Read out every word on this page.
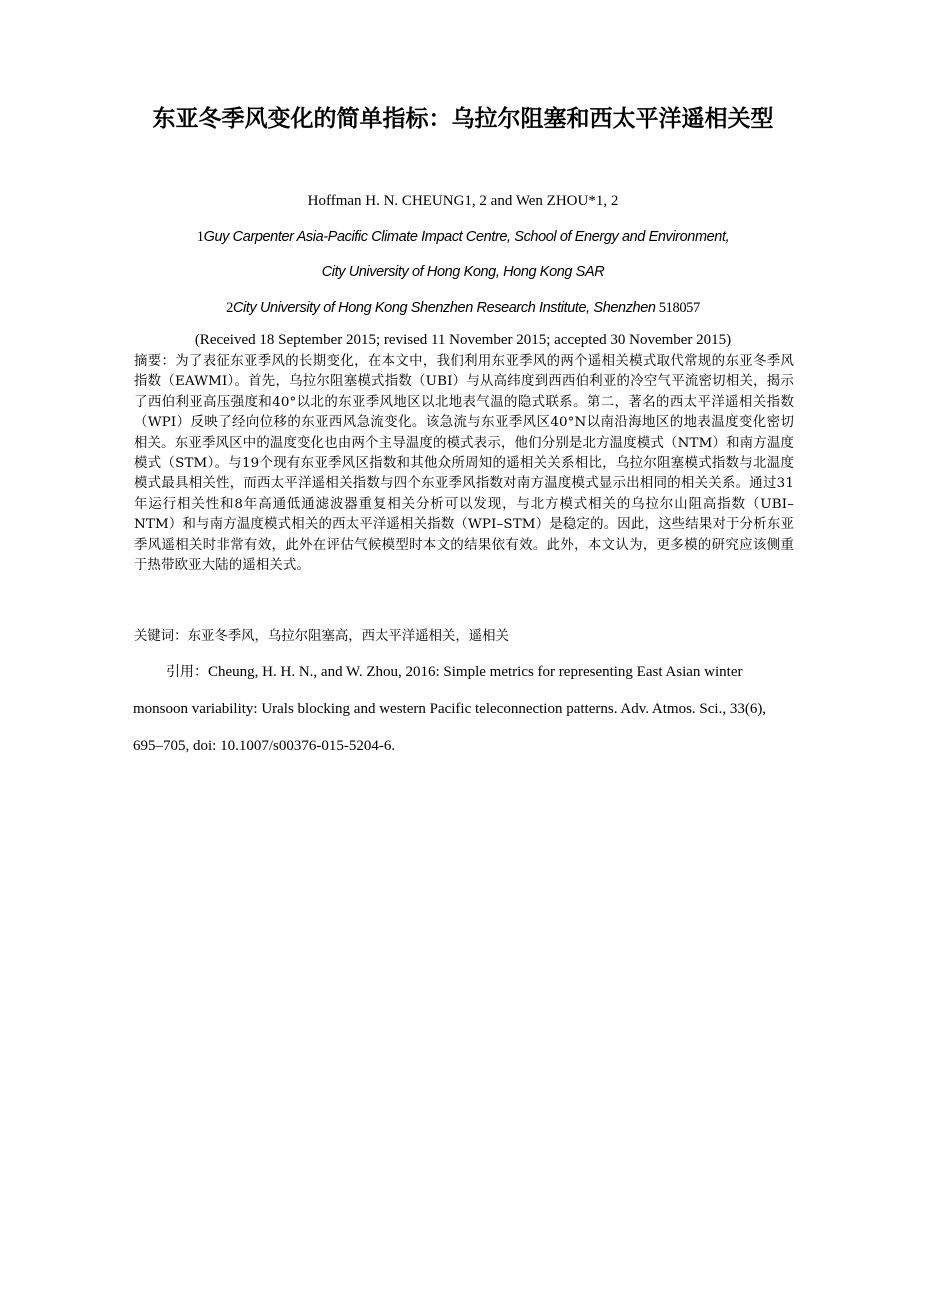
东亚冬季风变化的简单指标：乌拉尔阻塞和西太平洋遥相关型

Hoffman H. N. CHEUNG1, 2 and Wen ZHOU*1, 2

1Guy Carpenter Asia-Pacific Climate Impact Centre, School of Energy and Environment,

City University of Hong Kong, Hong Kong SAR

2City University of Hong Kong Shenzhen Research Institute, Shenzhen 518057

(Received 18 September 2015; revised 11 November 2015; accepted 30 November 2015)

摘要：为了表征东亚季风的长期变化，在本文中，我们利用东亚季风的两个遥相关模式取代常规的东亚冬季风指数（EAWMI）。首先，乌拉尔阻塞模式指数（UBI）与从高纬度到西西伯利亚的冷空气平流密切相关，揭示了西伯利亚高压强度和40°以北的东亚季风地区以北地表气温的隐式联系。第二，著名的西太平洋遥相关指数（WPI）反映了经向位移的东亚西风急流变化。该急流与东亚季风区40°N以南沿海地区的地表温度变化密切相关。东亚季风区中的温度变化也由两个主导温度的模式表示，他们分别是北方温度模式（NTM）和南方温度模式（STM）。与19个现有东亚季风区指数和其他众所周知的遥相关关系相比，乌拉尔阻塞模式指数与北温度模式最具相关性，而西太平洋遥相关指数与四个东亚季风指数对南方温度模式显示出相同的相关关系。通过31年运行相关性和8年高通低通滤波器重复相关分析可以发现，与北方模式相关的乌拉尔山阻高指数（UBI–NTM）和与南方温度模式相关的西太平洋遥相关指数（WPI–STM）是稳定的。因此，这些结果对于分析东亚季风遥相关时非常有效，此外在评估气候模型时本文的结果依有效。此外，本文认为，更多模的研究应该侧重于热带欧亚大陆的遥相关式。

关键词：东亚冬季风，乌拉尔阻塞高，西太平洋遥相关，遥相关

引用：Cheung, H. H. N., and W. Zhou, 2016: Simple metrics for representing East Asian winter monsoon variability: Urals blocking and western Pacific teleconnection patterns. Adv. Atmos. Sci., 33(6), 695–705, doi: 10.1007/s00376-015-5204-6.
